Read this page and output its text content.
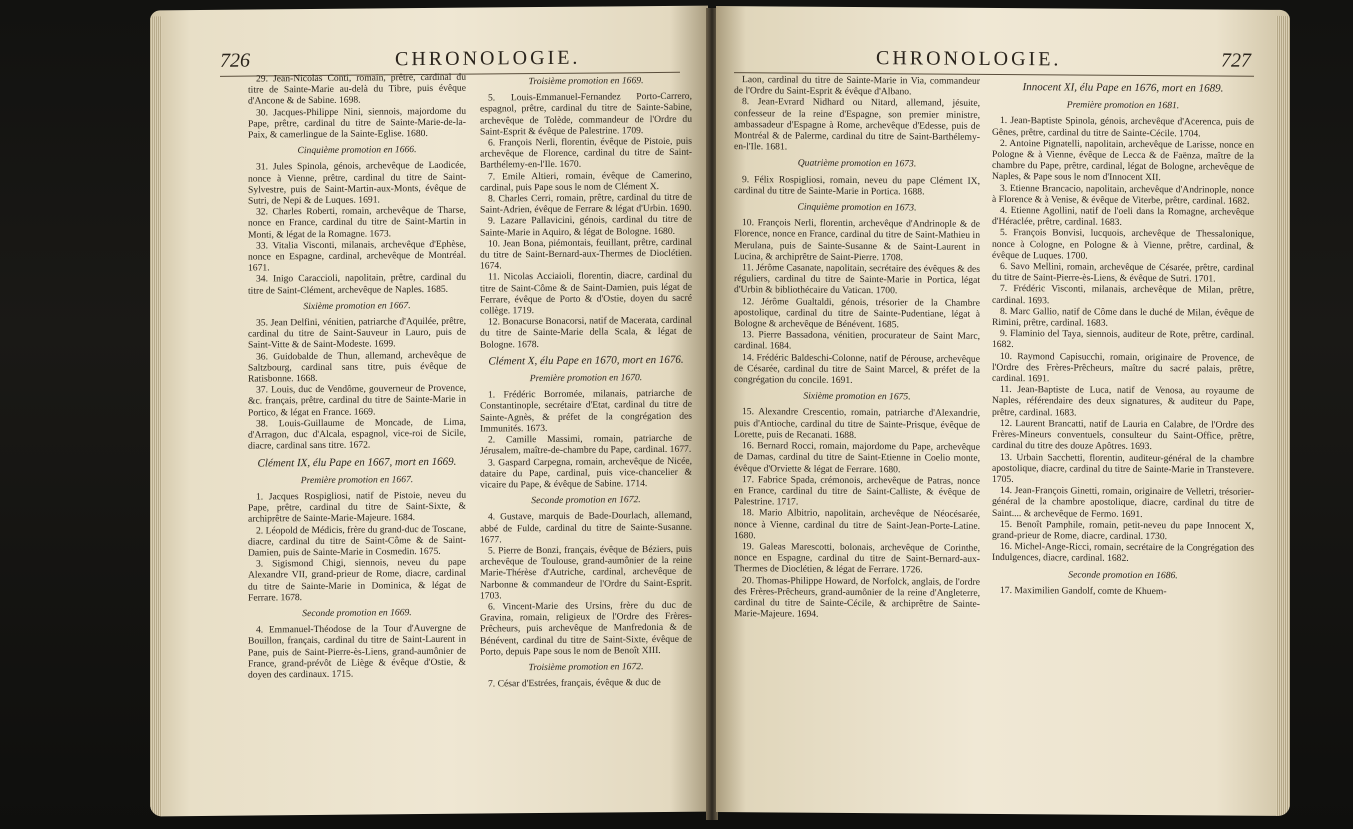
726	CHRONOLOGIE.

29. Jean-Nicolas Conti, romain, prêtre, cardinal du titre de Sainte-Marie au-delà du Tibre, puis évêque d'Ancone & de Sabine. 1698.

30. Jacques-Philippe Nini, siennois, majordome du Pape, prêtre, cardinal du titre de Sainte-Marie-de-la-Paix, & camerlingue de la Sainte-Eglise. 1680.

Cinquième promotion en 1666.

31. Jules Spinola, génois, archevêque de Laodicée, nonce à Vienne, prêtre, cardinal du titre de Saint-Sylvestre, puis de Saint-Martin-aux-Monts, évêque de Sutri, de Nepi & de Luques. 1691.

32. Charles Roberti, romain, archevêque de Tharse, nonce en France, cardinal du titre de Saint-Martin in Monti, & légat de la Romagne. 1673.

33. Vitalia Visconti, milanais, archevêque d'Ephèse, nonce en Espagne, cardinal, archevêque de Montréal. 1671.

34. Inigo Caraccioli, napolitain, prêtre, cardinal du titre de Saint-Clément, archevêque de Naples. 1685.

Sixième promotion en 1667.

35. Jean Delfini, vénitien, patriarche d'Aquilée, prêtre, cardinal du titre de Saint-Sauveur in Lauro, puis de Saint-Vitte & de Saint-Modeste. 1699.

36. Guidobalde de Thun, allemand, archevêque de Saltzbourg, cardinal sans titre, puis évêque de Ratisbonne. 1668.

37. Louis, duc de Vendôme, gouverneur de Provence, &c. français, prêtre, cardinal du titre de Sainte-Marie in Portico, & légat en France. 1669.

38. Louis-Guillaume de Moncade, de Lima, d'Arragon, duc d'Alcala, espagnol, vice-roi de Sicile, diacre, cardinal sans titre. 1672.

Clément IX, élu Pape en 1667, mort en 1669.
Première promotion en 1667.

1. Jacques Rospigliosi, natif de Pistoie, neveu du Pape, prêtre, cardinal du titre de Saint-Sixte, & archiprêtre de Sainte-Marie-Majeure. 1684.

2. Léopold de Médicis, frère du grand-duc de Toscane, diacre, cardinal du titre de Saint-Côme & de Saint-Damien, puis de Sainte-Marie in Cosmedin. 1675.

3. Sigismond Chigi, siennois, neveu du pape Alexandre VII, grand-prieur de Rome, diacre, cardinal du titre de Sainte-Marie in Dominica, & légat de Ferrare. 1678.

Seconde promotion en 1669.

4. Emmanuel-Théodose de la Tour d'Auvergne de Bouillon, français, cardinal du titre de Saint-Laurent in Pane, puis de Saint-Pierre-ès-Liens, grand-aumônier de France, grand-prévôt de Liège & évêque d'Ostie, & doyen des cardinaux. 1715.

Troisième promotion en 1669.

5. Louis-Emmanuel-Fernandez Porto-Carrero, espagnol, prêtre, cardinal du titre de Sainte-Sabine, archevêque de Tolède, commandeur de l'Ordre du Saint-Esprit & évêque de Palestrine. 1709.

6. François Nerli, florentin, évêque de Pistoie, puis archevêque de Florence, cardinal du titre de Saint-Barthélemy-en-l'Ile. 1670.

7. Emile Altieri, romain, évêque de Camerino, cardinal, puis Pape sous le nom de Clément X.

8. Charles Cerri, romain, prêtre, cardinal du titre de Saint-Adrien, évêque de Ferrare & légat d'Urbin. 1690.

9. Lazare Pallavicini, génois, cardinal du titre de Sainte-Marie in Aquiro, & légat de Bologne. 1680.

10. Jean Bona, piémontais, feuillant, prêtre, cardinal du titre de Saint-Bernard-aux-Thermes de Dioclétien. 1674.

11. Nicolas Acciaioli, florentin, diacre, cardinal du titre de Saint-Côme & de Saint-Damien, puis légat de Ferrare, évêque de Porto & d'Ostie, doyen du sacré collège. 1719.

12. Bonacurse Bonacorsi, natif de Macerata, cardinal du titre de Sainte-Marie della Scala, & légat de Bologne. 1678.

Clément X, élu Pape en 1670, mort en 1676.
Première promotion en 1670.

1. Frédéric Borromée, milanais, patriarche de Constantinople, secrétaire d'Etat, cardinal du titre de Sainte-Agnès, & préfet de la congrégation des Immunités. 1673.

2. Camille Massimi, romain, patriarche de Jérusalem, maître-de-chambre du Pape, cardinal. 1677.

3. Gaspard Carpegna, romain, archevêque de Nicée, dataire du Pape, cardinal, puis vice-chancelier & vicaire du Pape, & évêque de Sabine. 1714.

Seconde promotion en 1672.

4. Gustave, marquis de Bade-Dourlach, allemand, abbé de Fulde, cardinal du titre de Sainte-Susanne. 1677.

5. Pierre de Bonzi, français, évêque de Béziers, puis archevêque de Toulouse, grand-aumônier de la reine Marie-Thérèse d'Autriche, cardinal, archevêque de Narbonne & commandeur de l'Ordre du Saint-Esprit. 1703.

6. Vincent-Marie des Ursins, frère du duc de Gravina, romain, religieux de l'Ordre des Frères-Prêcheurs, puis archevêque de Manfredonia & de Bénévent, cardinal du titre de Saint-Sixte, évêque de Porto, depuis Pape sous le nom de Benoît XIII.

Troisième promotion en 1672.

7. César d'Estrées, français, évêque & duc de

CHRONOLOGIE.	727

Laon, cardinal du titre de Sainte-Marie in Via, commandeur de l'Ordre du Saint-Esprit & évêque d'Albano.

8. Jean-Evrard Nidhard ou Nitard, allemand, jésuite, confesseur de la reine d'Espagne, son premier ministre, ambassadeur d'Espagne à Rome, archevêque d'Edesse, puis de Montréal & de Palerme, cardinal du titre de Saint-Barthélemy-en-l'Ile. 1681.

Quatrième promotion en 1673.

9. Félix Rospigliosi, romain, neveu du pape Clément IX, cardinal du titre de Sainte-Marie in Portica. 1688.

Cinquième promotion en 1673.

10. François Nerli, florentin, archevêque d'Andrinople & de Florence, nonce en France, cardinal du titre de Saint-Mathieu in Merulana, puis de Sainte-Susanne & de Saint-Laurent in Lucina, & archiprêtre de Saint-Pierre. 1708.

11. Jérôme Casanate, napolitain, secrétaire des évêques & des réguliers, cardinal du titre de Sainte-Marie in Portica, légat d'Urbin & bibliothécaire du Vatican. 1700.

12. Jérôme Gualtaldi, génois, trésorier de la Chambre apostolique, cardinal du titre de Sainte-Pudentiane, légat à Bologne & archevêque de Bénévent. 1685.

13. Pierre Bassadona, vénitien, procurateur de Saint Marc, cardinal. 1684.

14. Frédéric Baldeschi-Colonne, natif de Pérouse, archevêque de Césarée, cardinal du titre de Saint Marcel, & préfet de la congrégation du concile. 1691.

Sixième promotion en 1675.

15. Alexandre Crescentio, romain, patriarche d'Alexandrie, puis d'Antioche, cardinal du titre de Sainte-Prisque, évêque de Lorette, puis de Recanati. 1688.

16. Bernard Rocci, romain, majordome du Pape, archevêque de Damas, cardinal du titre de Saint-Etienne in Coelio monte, évêque d'Orviette & légat de Ferrare. 1680.

17. Fabrice Spada, crémonois, archevêque de Patras, nonce en France, cardinal du titre de Saint-Calliste, & évêque de Palestrine. 1717.

18. Mario Albitrio, napolitain, archevêque de Néocésarée, nonce à Vienne, cardinal du titre de Saint-Jean-Porte-Latine. 1680.

19. Galeas Marescotti, bolonais, archevêque de Corinthe, nonce en Espagne, cardinal du titre de Saint-Bernard-aux-Thermes de Dioclétien, & légat de Ferrare. 1726.

20. Thomas-Philippe Howard, de Norfolck, anglais, de l'ordre des Frères-Prêcheurs, grand-aumônier de la reine d'Angleterre, cardinal du titre de Sainte-Cécile, & archiprêtre de Sainte-Marie-Majeure. 1694.

Innocent XI, élu Pape en 1676, mort en 1689.
Première promotion en 1681.

1. Jean-Baptiste Spinola, génois, archevêque d'Acerenca, puis de Gênes, prêtre, cardinal du titre de Sainte-Cécile. 1704.

2. Antoine Pignatelli, napolitain, archevêque de Larisse, nonce en Pologne & à Vienne, évêque de Lecca & de Faënza, maître de la chambre du Pape, prêtre, cardinal, légat de Bologne, archevêque de Naples, & Pape sous le nom d'Innocent XII.

3. Etienne Brancacio, napolitain, archevêque d'Andrinople, nonce à Florence & à Venise, & évêque de Viterbe, prêtre, cardinal. 1682.

4. Etienne Agollini, natif de l'oeli dans la Romagne, archevêque d'Héraclée, prêtre, cardinal. 1683.

5. François Bonvisi, lucquois, archevêque de Thessalonique, nonce à Cologne, en Pologne & à Vienne, prêtre, cardinal, & évêque de Luques. 1700.

6. Savo Mellini, romain, archevêque de Césarée, prêtre, cardinal du titre de Saint-Pierre-ès-Liens, & évêque de Sutri. 1701.

7. Frédéric Visconti, milanais, archevêque de Milan, prêtre, cardinal. 1693.

8. Marc Gallio, natif de Côme dans le duché de Milan, évêque de Rimini, prêtre, cardinal. 1683.

9. Flaminio del Taya, siennois, auditeur de Rote, prêtre, cardinal. 1682.

10. Raymond Capisucchi, romain, originaire de Provence, de l'Ordre des Frères-Prêcheurs, maître du sacré palais, prêtre, cardinal. 1691.

11. Jean-Baptiste de Luca, natif de Venosa, au royaume de Naples, référendaire des deux signatures, & auditeur du Pape, prêtre, cardinal. 1683.

12. Laurent Brancatti, natif de Lauria en Calabre, de l'Ordre des Frères-Mineurs conventuels, consulteur du Saint-Office, prêtre, cardinal du titre des douze Apôtres. 1693.

13. Urbain Sacchetti, florentin, auditeur-général de la chambre apostolique, diacre, cardinal du titre de Sainte-Marie in Transtevere. 1705.

14. Jean-François Ginetti, romain, originaire de Velletri, trésorier-général de la chambre apostolique, diacre, cardinal du titre de Saint.... & archevêque de Fermo. 1691.

15. Benoît Pamphile, romain, petit-neveu du pape Innocent X, grand-prieur de Rome, diacre, cardinal. 1730.

16. Michel-Ange-Ricci, romain, secrétaire de la Congrégation des Indulgences, diacre, cardinal. 1682.

Seconde promotion en 1686.

17. Maximilien Gandolf, comte de Khuem-
